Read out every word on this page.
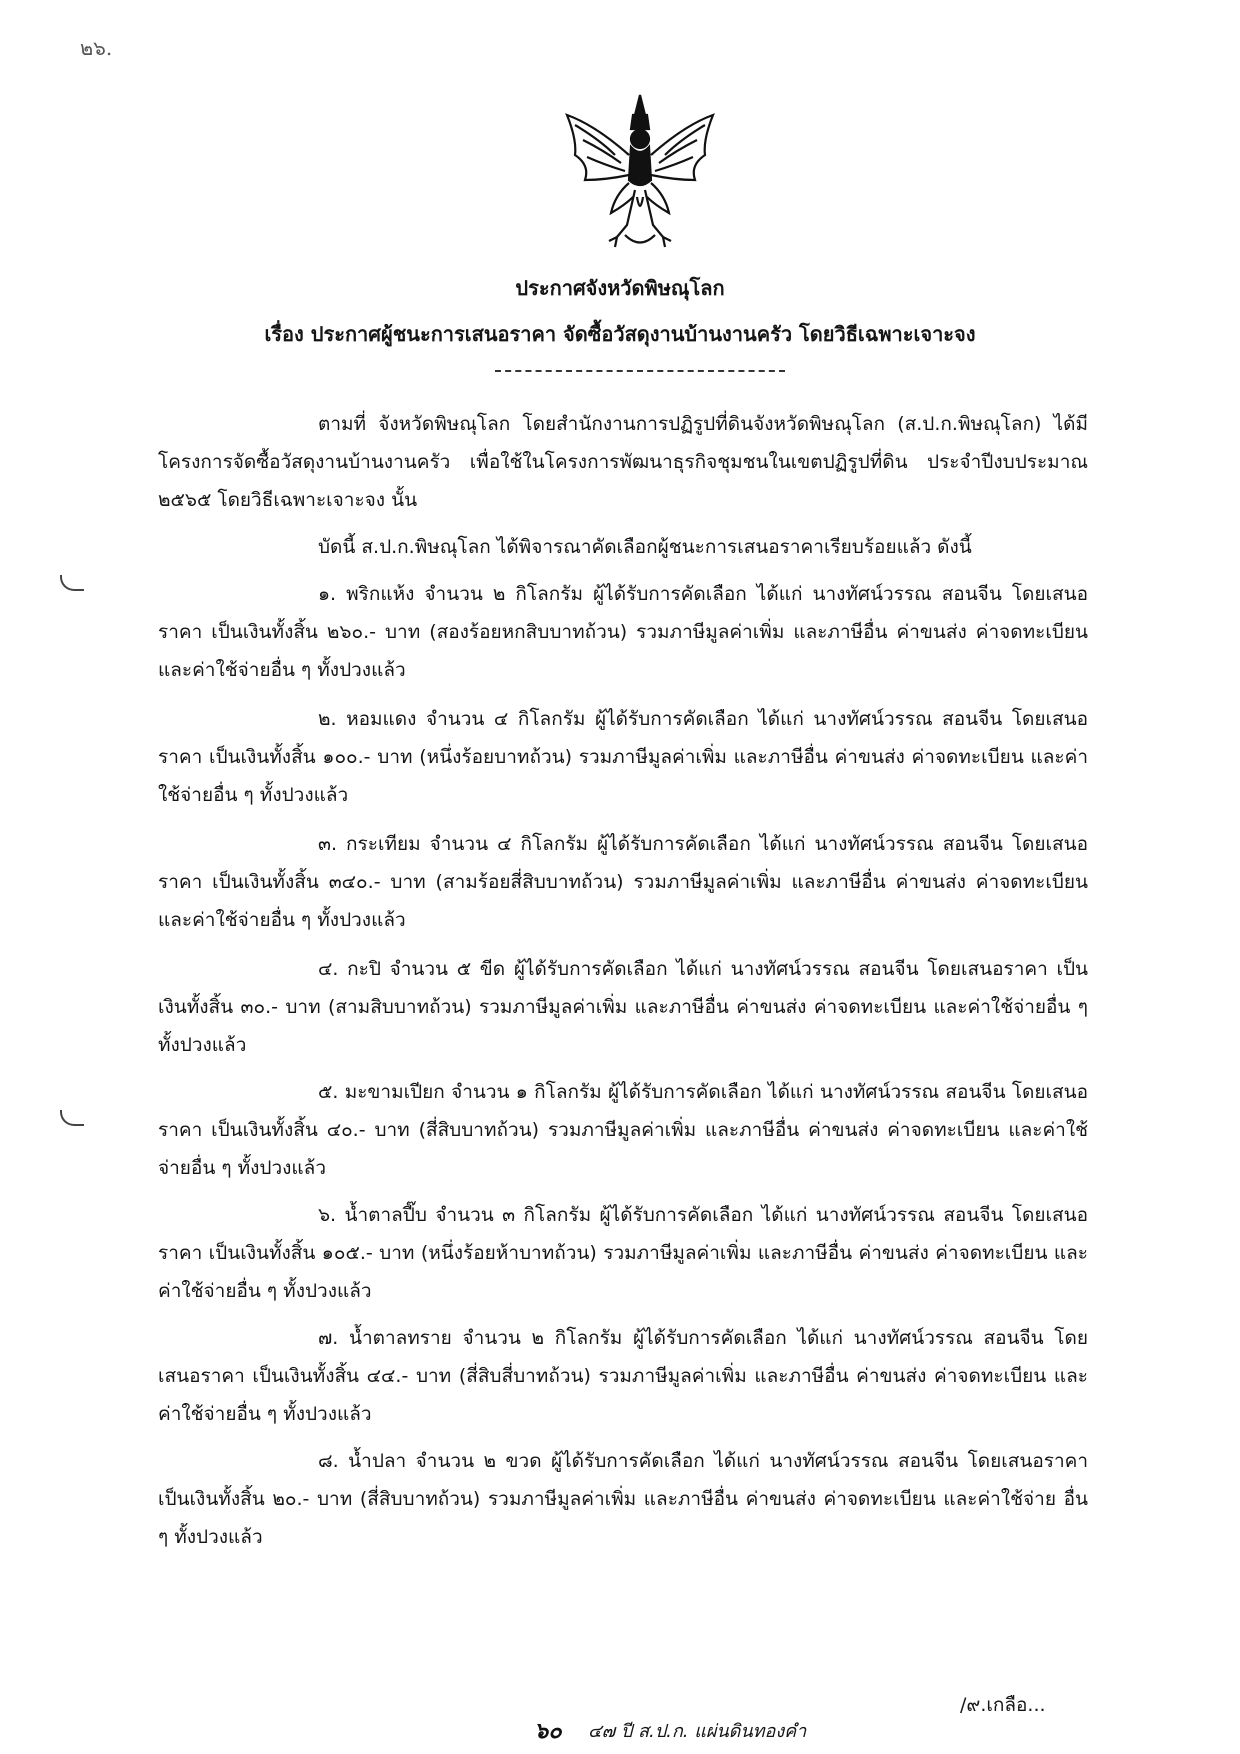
๒๖.
ประกาศจังหวัดพิษณุโลก
เรื่อง ประกาศผู้ชนะการเสนอราคา จัดซื้อวัสดุงานบ้านงานครัว โดยวิธีเฉพาะเจาะจง

ตามที่ จังหวัดพิษณุโลก โดยสำนักงานการปฏิรูปที่ดินจังหวัดพิษณุโลก (ส.ป.ก.พิษณุโลก) ได้มีโครงการจัดซื้อวัสดุงานบ้านงานครัว เพื่อใช้ในโครงการพัฒนาธุรกิจชุมชนในเขตปฏิรูปที่ดิน ประจำปีงบประมาณ ๒๕๖๕ โดยวิธีเฉพาะเจาะจง นั้น

บัดนี้ ส.ป.ก.พิษณุโลก ได้พิจารณาคัดเลือกผู้ชนะการเสนอราคาเรียบร้อยแล้ว ดังนี้

๑. พริกแห้ง จำนวน ๒ กิโลกรัม ผู้ได้รับการคัดเลือก ได้แก่ นางทัศน์วรรณ สอนจีน โดยเสนอราคา เป็นเงินทั้งสิ้น ๒๖๐.- บาท (สองร้อยหกสิบบาทถ้วน) รวมภาษีมูลค่าเพิ่ม และภาษีอื่น ค่าขนส่ง ค่าจดทะเบียน และค่าใช้จ่ายอื่น ๆ ทั้งปวงแล้ว

๒. หอมแดง จำนวน ๔ กิโลกรัม ผู้ได้รับการคัดเลือก ได้แก่ นางทัศน์วรรณ สอนจีน โดยเสนอราคา เป็นเงินทั้งสิ้น ๑๐๐.- บาท (หนึ่งร้อยบาทถ้วน) รวมภาษีมูลค่าเพิ่ม และภาษีอื่น ค่าขนส่ง ค่าจดทะเบียน และค่าใช้จ่ายอื่น ๆ ทั้งปวงแล้ว

๓. กระเทียม จำนวน ๔ กิโลกรัม ผู้ได้รับการคัดเลือก ได้แก่ นางทัศน์วรรณ สอนจีน โดยเสนอราคา เป็นเงินทั้งสิ้น ๓๔๐.- บาท (สามร้อยสี่สิบบาทถ้วน) รวมภาษีมูลค่าเพิ่ม และภาษีอื่น ค่าขนส่ง ค่าจดทะเบียน และค่าใช้จ่ายอื่น ๆ ทั้งปวงแล้ว

๔. กะปิ จำนวน ๕ ขีด ผู้ได้รับการคัดเลือก ได้แก่ นางทัศน์วรรณ สอนจีน โดยเสนอราคา เป็นเงินทั้งสิ้น ๓๐.- บาท (สามสิบบาทถ้วน) รวมภาษีมูลค่าเพิ่ม และภาษีอื่น ค่าขนส่ง ค่าจดทะเบียน และค่าใช้จ่ายอื่น ๆ ทั้งปวงแล้ว

๕. มะขามเปียก จำนวน ๑ กิโลกรัม ผู้ได้รับการคัดเลือก ได้แก่ นางทัศน์วรรณ สอนจีน โดยเสนอราคา เป็นเงินทั้งสิ้น ๔๐.- บาท (สี่สิบบาทถ้วน) รวมภาษีมูลค่าเพิ่ม และภาษีอื่น ค่าขนส่ง ค่าจดทะเบียน และค่าใช้จ่ายอื่น ๆ ทั้งปวงแล้ว

๖. น้ำตาลปี๊บ จำนวน ๓ กิโลกรัม ผู้ได้รับการคัดเลือก ได้แก่ นางทัศน์วรรณ สอนจีน โดยเสนอราคา เป็นเงินทั้งสิ้น ๑๐๕.- บาท (หนึ่งร้อยห้าบาทถ้วน) รวมภาษีมูลค่าเพิ่ม และภาษีอื่น ค่าขนส่ง ค่าจดทะเบียน และค่าใช้จ่ายอื่น ๆ ทั้งปวงแล้ว

๗. น้ำตาลทราย จำนวน ๒ กิโลกรัม ผู้ได้รับการคัดเลือก ได้แก่ นางทัศน์วรรณ สอนจีน โดยเสนอราคา เป็นเงินทั้งสิ้น ๔๔.- บาท (สี่สิบสี่บาทถ้วน) รวมภาษีมูลค่าเพิ่ม และภาษีอื่น ค่าขนส่ง ค่าจดทะเบียน และค่าใช้จ่ายอื่น ๆ ทั้งปวงแล้ว

๘. น้ำปลา จำนวน ๒ ขวด ผู้ได้รับการคัดเลือก ได้แก่ นางทัศน์วรรณ สอนจีน โดยเสนอราคา เป็นเงินทั้งสิ้น ๒๐.- บาท (สี่สิบบาทถ้วน) รวมภาษีมูลค่าเพิ่ม และภาษีอื่น ค่าขนส่ง ค่าจดทะเบียน และค่าใช้จ่าย อื่น ๆ ทั้งปวงแล้ว

/๙.เกลือ...
๖๐ ๔๗ ปี ส.ป.ก. แผ่นดินทองคำ
